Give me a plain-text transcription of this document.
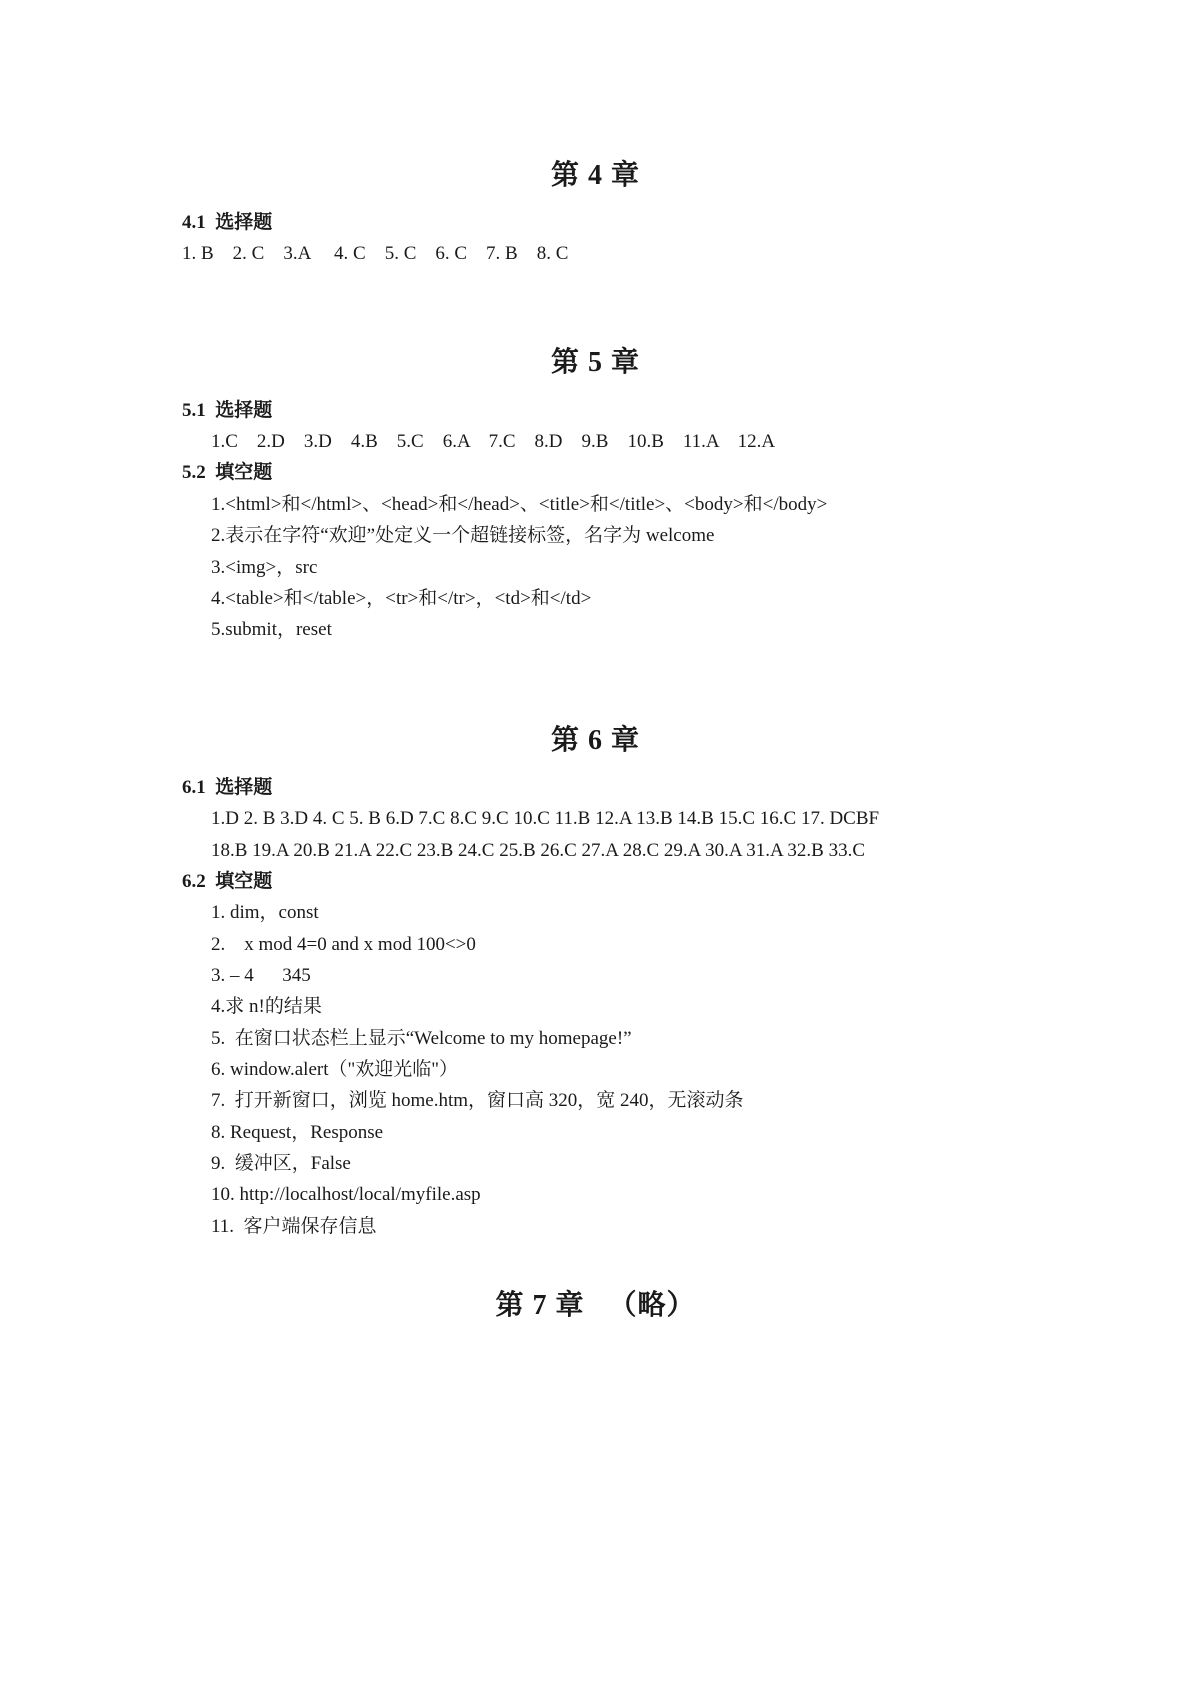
第 4 章
4.1  选择题
1. B    2. C    3.A     4. C    5. C    6. C    7. B    8. C
第 5 章
5.1  选择题
1.C    2.D    3.D    4.B    5.C    6.A    7.C    8.D    9.B    10.B    11.A    12.A
5.2  填空题
1.<html>和</html>、<head>和</head>、<title>和</title>、<body>和</body>
2.表示在字符“欢迎”处定义一个超链接标签，名字为 welcome
3.<img>，src
4.<table>和</table>，<tr>和</tr>，<td>和</td>
5.submit，reset
第 6 章
6.1  选择题
1.D 2. B 3.D 4. C 5. B 6.D 7.C 8.C 9.C 10.C 11.B 12.A 13.B 14.B 15.C 16.C 17. DCBF
18.B 19.A 20.B 21.A 22.C 23.B 24.C 25.B 26.C 27.A 28.C 29.A 30.A 31.A 32.B 33.C
6.2  填空题
1. dim，const
2.    x mod 4=0 and x mod 100<>0
3. – 4      345
4.求 n!的结果
5.  在窗口状态栏上显示“Welcome to my homepage!”
6. window.alert（"欢迎光临"）
7.  打开新窗口，浏览 home.htm，窗口高 320，宽 240，无滚动条
8. Request，Response
9.  缓冲区，False
10. http://localhost/local/myfile.asp
11.  客户端保存信息
第 7 章   （略）
